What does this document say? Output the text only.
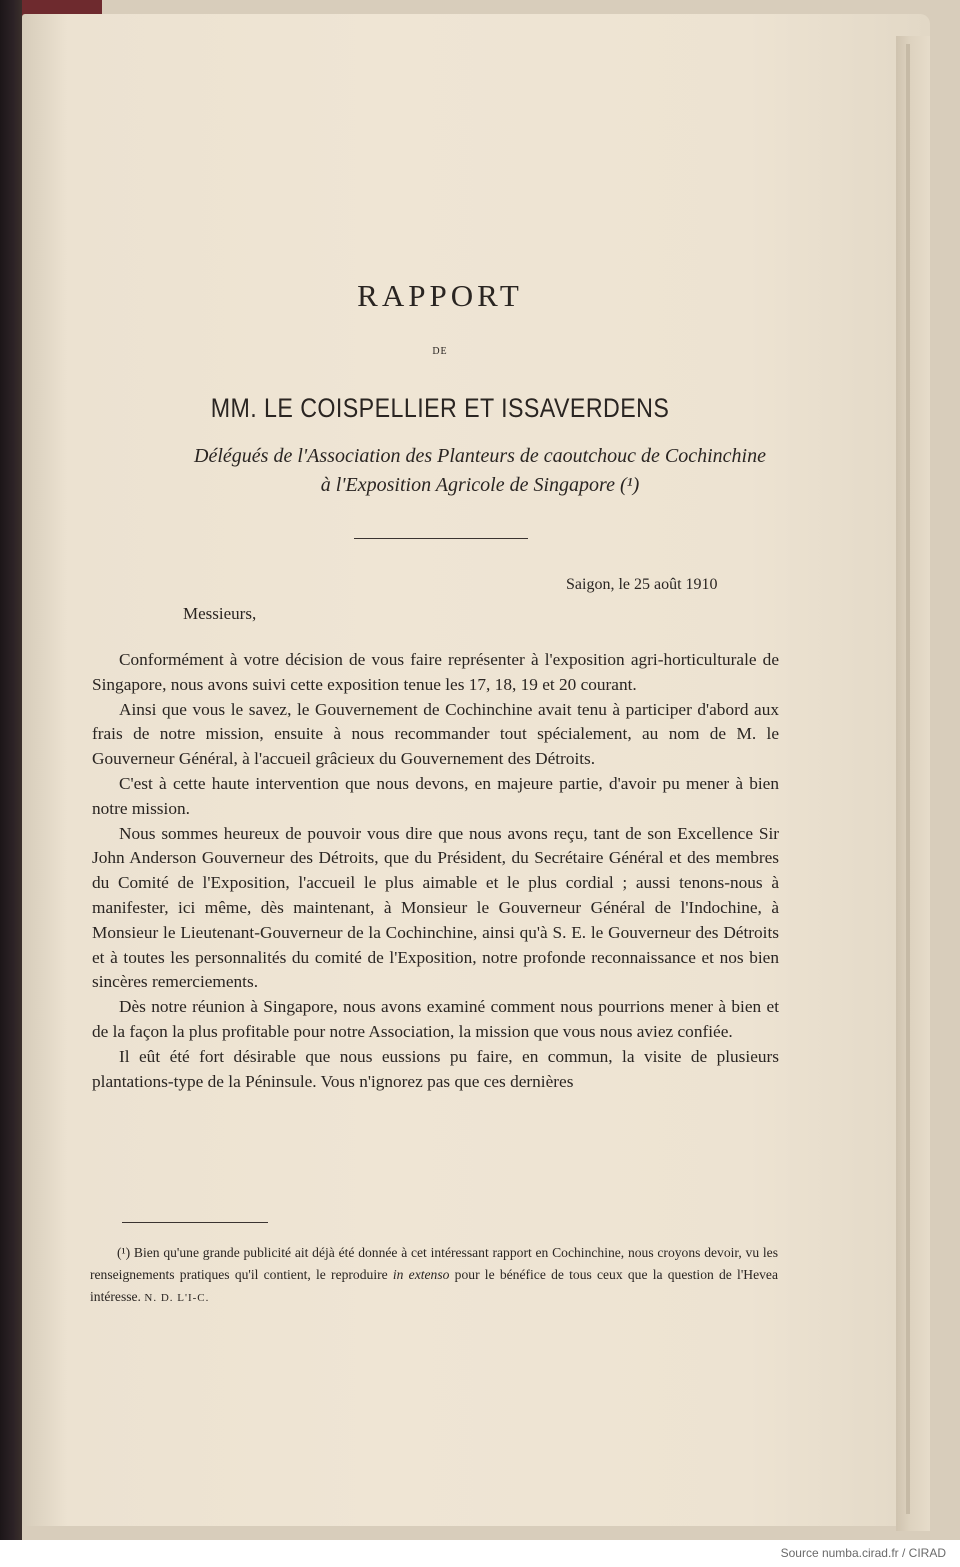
RAPPORT
DE
MM. LE COISPELLIER ET ISSAVERDENS
Délégués de l'Association des Planteurs de caoutchouc de Cochinchine
à l'Exposition Agricole de Singapore (¹)
Saigon, le 25 août 1910
Messieurs,

Conformément à votre décision de vous faire représenter à l'exposition agri-horticulturale de Singapore, nous avons suivi cette exposition tenue les 17, 18, 19 et 20 courant.

Ainsi que vous le savez, le Gouvernement de Cochinchine avait tenu à participer d'abord aux frais de notre mission, ensuite à nous recommander tout spécialement, au nom de M. le Gouverneur Général, à l'accueil grâcieux du Gouvernement des Détroits.

C'est à cette haute intervention que nous devons, en majeure partie, d'avoir pu mener à bien notre mission.

Nous sommes heureux de pouvoir vous dire que nous avons reçu, tant de son Excellence Sir John Anderson Gouverneur des Détroits, que du Président, du Secrétaire Général et des membres du Comité de l'Exposition, l'accueil le plus aimable et le plus cordial ; aussi tenons-nous à manifester, ici même, dès maintenant, à Monsieur le Gouverneur Général de l'Indochine, à Monsieur le Lieutenant-Gouverneur de la Cochinchine, ainsi qu'à S. E. le Gouverneur des Détroits et à toutes les personnalités du comité de l'Exposition, notre profonde reconnaissance et nos bien sincères remerciements.

Dès notre réunion à Singapore, nous avons examiné comment nous pourrions mener à bien et de la façon la plus profitable pour notre Association, la mission que vous nous aviez confiée.

Il eût été fort désirable que nous eussions pu faire, en commun, la visite de plusieurs plantations-type de la Péninsule. Vous n'ignorez pas que ces dernières

(¹) Bien qu'une grande publicité ait déjà été donnée à cet intéressant rapport en Cochinchine, nous croyons devoir, vu les renseignements pratiques qu'il contient, le reproduire in extenso pour le bénéfice de tous ceux que la question de l'Hevea intéresse. N. D. L'I-C.

Source numba.cirad.fr / CIRAD
